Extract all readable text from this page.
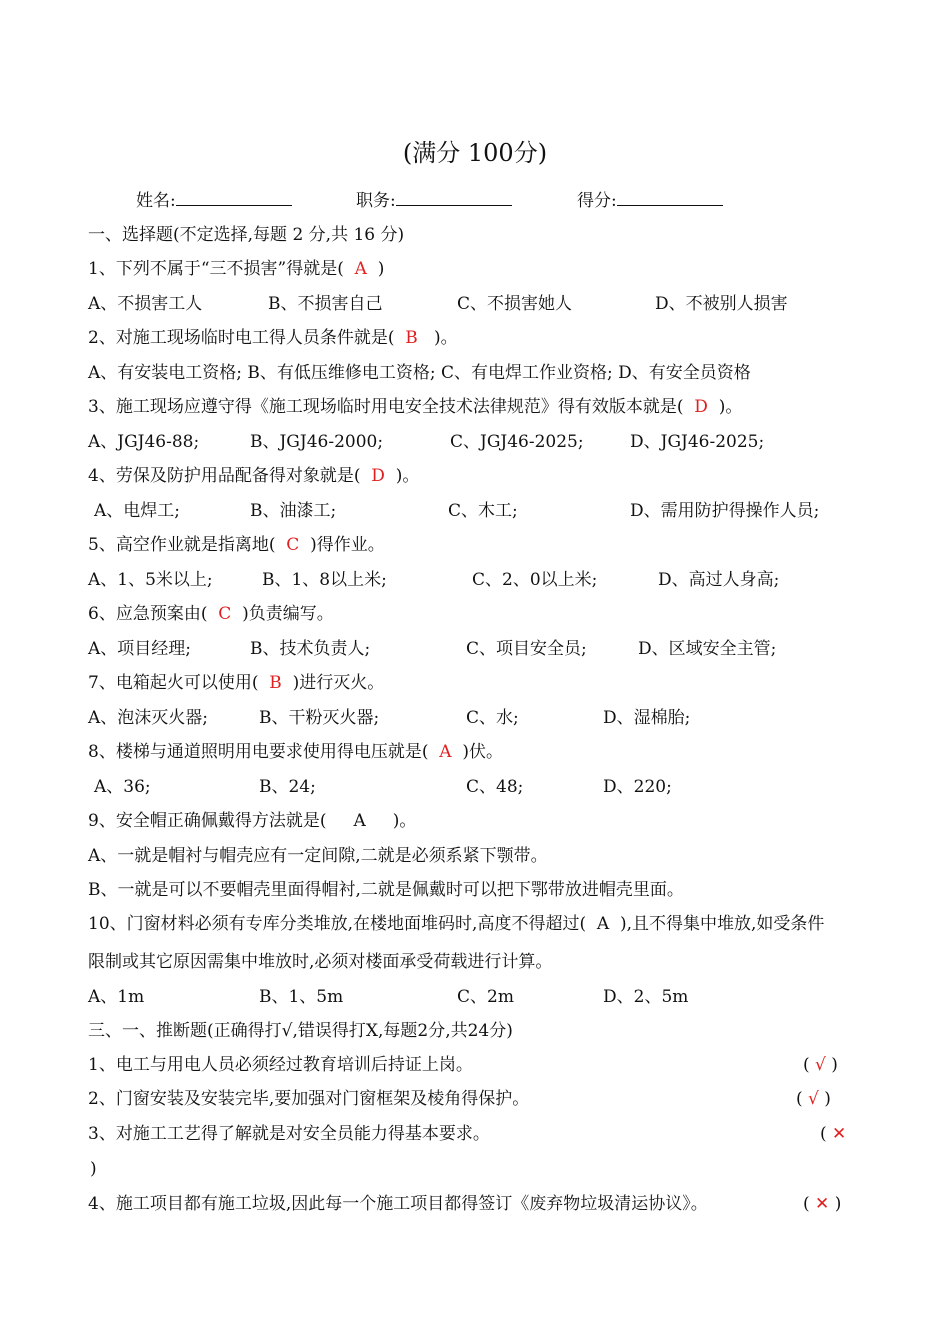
(满分 100分)
姓名:	职务:	得分:
一、选择题(不定选择,每题 2 分,共 16 分)
1、下列不属于“三不损害”得就是( A )
A、不损害工人	B、不损害自己	C、不损害她人	D、不被别人损害
2、对施工现场临时电工得人员条件就是( B )。
A、有安装电工资格; B、有低压维修电工资格; C、有电焊工作业资格; D、有安全员资格
3、施工现场应遵守得《施工现场临时用电安全技术法律规范》得有效版本就是( D )。
A、JGJ46-88;	B、JGJ46-2000;	C、JGJ46-2025;	D、JGJ46-2025;
4、劳保及防护用品配备得对象就是( D )。
A、电焊工;	B、油漆工;	C、木工;	D、需用防护得操作人员;
5、高空作业就是指离地( C )得作业。
A、1、5米以上;	B、1、8以上米;	C、2、0以上米;	D、高过人身高;
6、应急预案由( C )负责编写。
A、项目经理;	B、技术负责人;	C、项目安全员;	D、区域安全主管;
7、电箱起火可以使用( B )进行灭火。
A、泡沫灭火器;	B、干粉灭火器;	C、水;	D、湿棉胎;
8、楼梯与通道照明用电要求使用得电压就是( A )伏。
A、36;	B、24;	C、48;	D、220;
9、安全帽正确佩戴得方法就是( A )。
A、一就是帽衬与帽壳应有一定间隙,二就是必须系紧下颚带。
B、一就是可以不要帽壳里面得帽衬,二就是佩戴时可以把下鄂带放进帽壳里面。
10、门窗材料必须有专库分类堆放,在楼地面堆码时,高度不得超过( A ),且不得集中堆放,如受条件
限制或其它原因需集中堆放时,必须对楼面承受荷载进行计算。
A、1m	B、1、5m	C、2m	D、2、5m
三、一、推断题(正确得打√,错误得打X,每题2分,共24分)
1、电工与用电人员必须经过教育培训后持证上岗。	( √ )
2、门窗安装及安装完毕,要加强对门窗框架及棱角得保护。	( √ )
3、对施工工艺得了解就是对安全员能力得基本要求。	( ✕
)
4、施工项目都有施工垃圾,因此每一个施工项目都得签订《废弃物垃圾清运协议》。	( ✕ )
